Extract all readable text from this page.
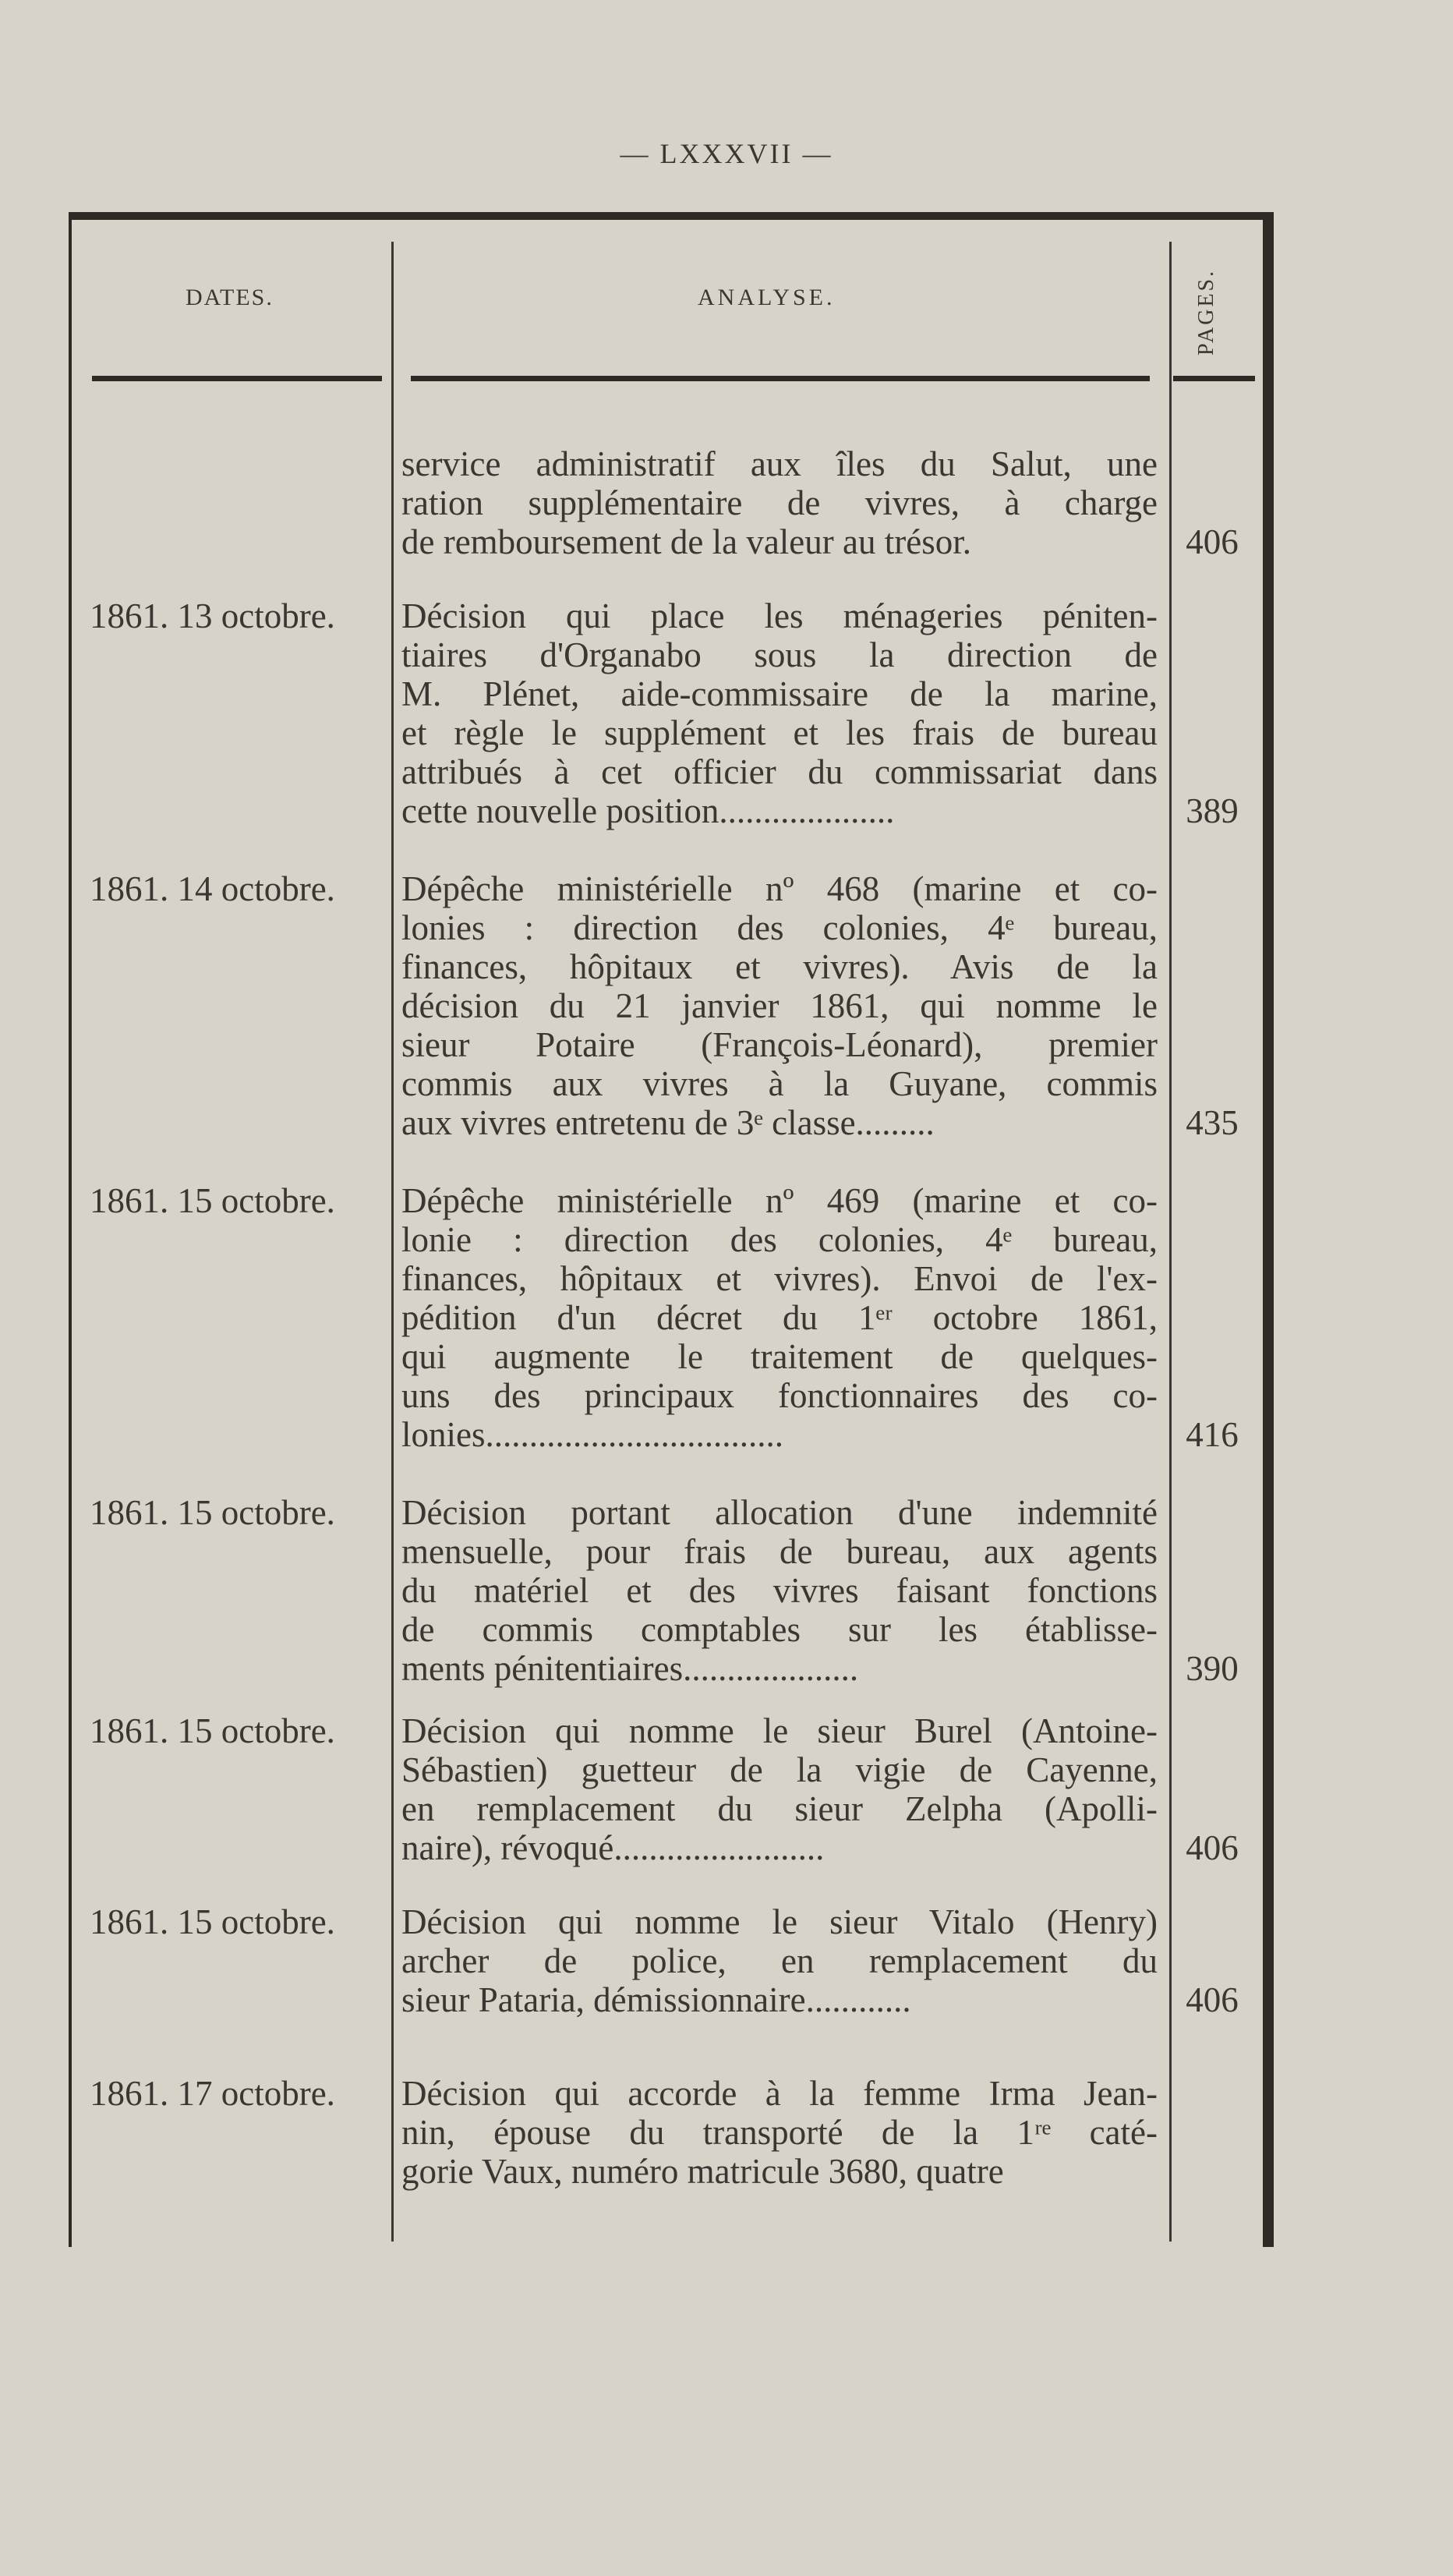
— LXXXVII —
DATES.	ANALYSE.	PAGES.
service administratif aux îles du Salut, une
ration supplémentaire de vivres, à charge
de remboursement de la valeur au trésor.	406
1861. 13 octobre.	Décision qui place les ménageries péniten-
tiaires d'Organabo sous la direction de
M. Plénet, aide-commissaire de la marine,
et règle le supplément et les frais de bureau
attribués à cet officier du commissariat dans
cette nouvelle position....................	389
1861. 14 octobre.	Dépêche ministérielle nº 468 (marine et co-
lonies : direction des colonies, 4ᵉ bureau,
finances, hôpitaux et vivres). Avis de la
décision du 21 janvier 1861, qui nomme le
sieur Potaire (François-Léonard), premier
commis aux vivres à la Guyane, commis
aux vivres entretenu de 3ᵉ classe.........	435
1861. 15 octobre.	Dépêche ministérielle nº 469 (marine et co-
lonie : direction des colonies, 4ᵉ bureau,
finances, hôpitaux et vivres). Envoi de l'ex-
pédition d'un décret du 1ᵉʳ octobre 1861,
qui augmente le traitement de quelques-
uns des principaux fonctionnaires des co-
lonies..................................	416
1861. 15 octobre.	Décision portant allocation d'une indemnité
mensuelle, pour frais de bureau, aux agents
du matériel et des vivres faisant fonctions
de commis comptables sur les établisse-
ments pénitentiaires....................	390
1861. 15 octobre.	Décision qui nomme le sieur Burel (Antoine-
Sébastien) guetteur de la vigie de Cayenne,
en remplacement du sieur Zelpha (Apolli-
naire), révoqué........................	406
1861. 15 octobre.	Décision qui nomme le sieur Vitalo (Henry)
archer de police, en remplacement du
sieur Pataria, démissionnaire............	406
1861. 17 octobre.	Décision qui accorde à la femme Irma Jean-
nin, épouse du transporté de la 1ʳᵉ caté-
gorie Vaux, numéro matricule 3680, quatre
